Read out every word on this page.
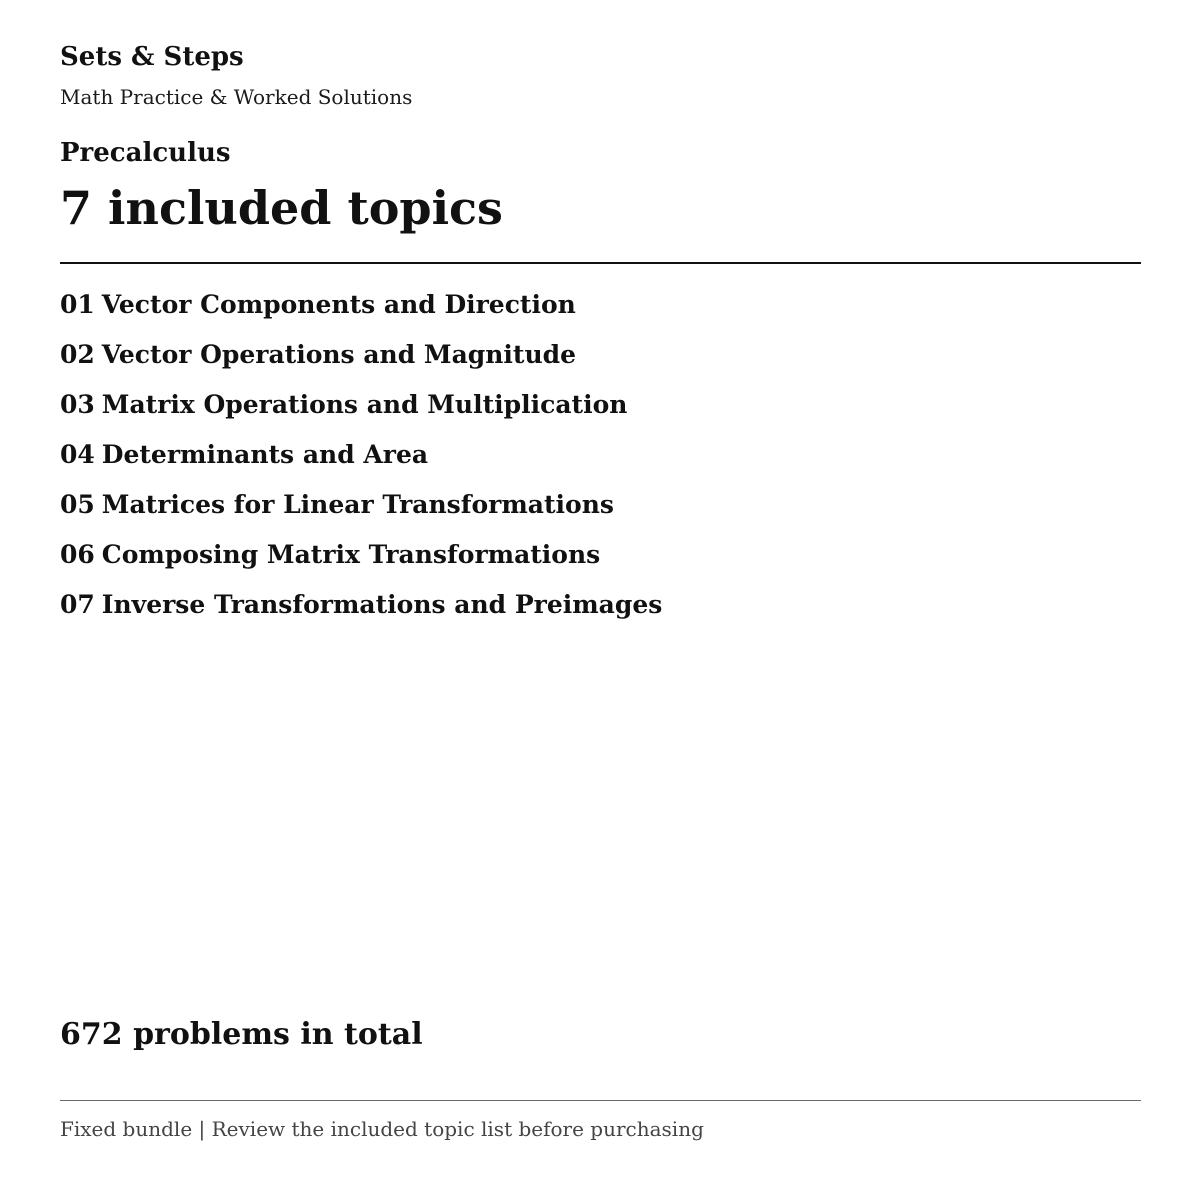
Sets & Steps
Math Practice & Worked Solutions
Precalculus
7 included topics
01 Vector Components and Direction
02 Vector Operations and Magnitude
03 Matrix Operations and Multiplication
04 Determinants and Area
05 Matrices for Linear Transformations
06 Composing Matrix Transformations
07 Inverse Transformations and Preimages
672 problems in total
Fixed bundle | Review the included topic list before purchasing
